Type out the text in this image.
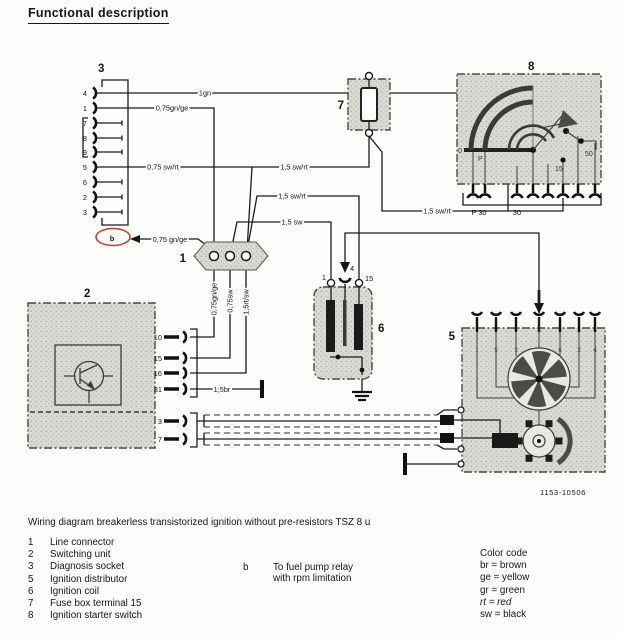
Functional description
3
4
1
7
8
9
5
6
2
3
1gn
0,75gn/ge
0,75 sw/rt	1,5 sw/rt
1,5 sw/rt
1,5 sw
1,5 sw/rt
b	0,75 gn/ge
0,75gn/ge 0,75sw 1,5rt/sw
1,5br
1
2
10
15
16
31
3
7
1
4
15
6
7
8
0
P
15
50
P 30	30
5
1 5	3	6 2 4
1153-10506
Wiring diagram breakerless transistorized ignition without pre-resistors TSZ 8 u
1	Line connector
2	Switching unit
3	Diagnosis socket
5	Ignition distributor
6	Ignition coil
7	Fuse box terminal 15
8	Ignition starter switch
b	To fuel pump relay
with rpm limitation
Color code
br = brown
ge = yellow
gr = green
rt = red
sw = black
